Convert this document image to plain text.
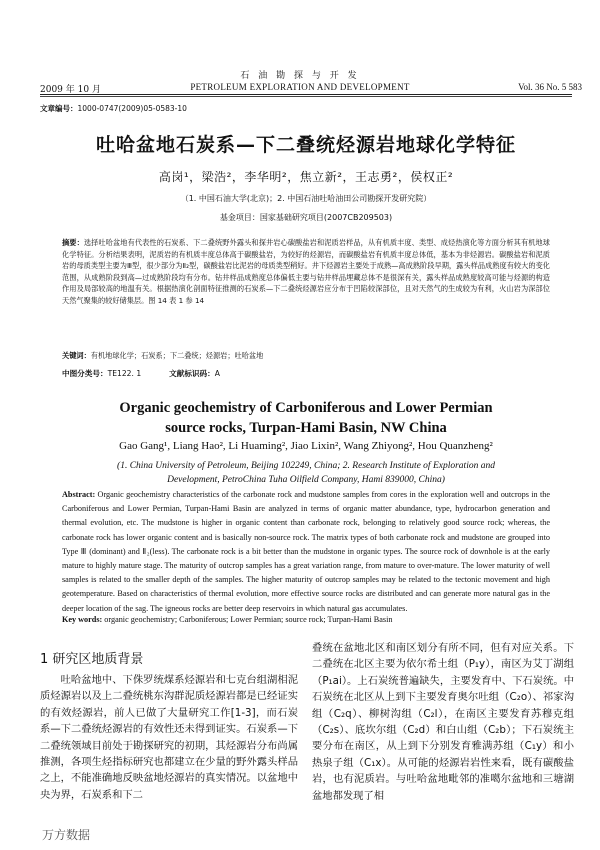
石 油 勘 探 与 开 发
2009 年 10 月	PETROLEUM EXPLORATION AND DEVELOPMENT	Vol. 36 No. 5 583
文章编号：1000-0747(2009)05-0583-10
吐哈盆地石炭系—下二叠统烃源岩地球化学特征
高岗¹，梁浩²，李华明²，焦立新²，王志勇²，侯权正²
（1. 中国石油大学(北京)；2. 中国石油吐哈油田公司勘探开发研究院）
基金项目：国家基础研究项目(2007CB209503)
摘要：选择吐哈盆地有代表性的石炭系、下二叠统野外露头和探井岩心碳酸盐岩和泥质岩样品，从有机质丰度、类型、成烃热演化等方面分析其有机地球化学特征。分析结果表明，泥质岩的有机质丰度总体高于碳酸盐岩，为较好的烃源岩，而碳酸盐岩有机质丰度总体低，基本为非烃源岩。碳酸盐岩和泥质岩的母质类型主要为Ⅲ型，很少部分为Ⅱ₂型，碳酸盐岩比泥岩的母质类型稍好。井下烃源岩主要处于成熟—高成熟阶段早期，露头样品成熟度有较大的变化范围，从成熟阶段到高—过成熟阶段均有分布。钻井样品成熟度总体偏低主要与钻井样品埋藏总体不是很深有关，露头样品成熟度较高可能与烃源的构造作用及局部较高的地温有关。根据热演化剖面特征推测的石炭系—下二叠统烃源岩应分布于凹陷较深部位，且对天然气的生成较为有利，火山岩为深部位天然气聚集的较好储集层。图 14 表 1 参 14
关键词：有机地球化学；石炭系；下二叠统；烃源岩；吐哈盆地
中图分类号：TE122. 1	文献标识码：A
Organic geochemistry of Carboniferous and Lower Permian
source rocks, Turpan-Hami Basin, NW China
Gao Gang¹, Liang Hao², Li Huaming², Jiao Lixin², Wang Zhiyong², Hou Quanzheng²
(1. China University of Petroleum, Beijing 102249, China; 2. Research Institute of Exploration and
Development, PetroChina Tuha Oilfield Company, Hami 839000, China)
Abstract: Organic geochemistry characteristics of the carbonate rock and mudstone samples from cores in the exploration well and outcrops in the Carboniferous and Lower Permian, Turpan-Hami Basin are analyzed in terms of organic matter abundance, type, hydrocarbon generation and thermal evolution, etc. The mudstone is higher in organic content than carbonate rock, belonging to relatively good source rock; whereas, the carbonate rock has lower organic content and is basically non-source rock. The matrix types of both carbonate rock and mudstone are grouped into Type Ⅲ (dominant) and Ⅱ₂(less). The carbonate rock is a bit better than the mudstone in organic types. The source rock of downhole is at the early mature to highly mature stage. The maturity of outcrop samples has a great variation range, from mature to over-mature. The lower maturity of well samples is related to the smaller depth of the samples. The higher maturity of outcrop samples may be related to the tectonic movement and high geotemperature. Based on characteristics of thermal evolution, more effective source rocks are distributed and can generate more natural gas in the deeper location of the sag. The igneous rocks are better deep reservoirs in which natural gas accumulates.
Key words: organic geochemistry; Carboniferous; Lower Permian; source rock; Turpan-Hami Basin
1 研究区地质背景

吐哈盆地中、下侏罗统煤系烃源岩和七克台组湖相泥质烃源岩以及上二叠统桃东沟群泥质烃源岩都是已经证实的有效烃源岩，前人已做了大量研究工作[1-3]，而石炭系—下二叠统烃源岩的有效性还未得到证实。石炭系—下二叠统领域目前处于勘探研究的初期，其烃源岩分布尚属推测，各项生烃指标研究也都建立在少量的野外露头样品之上，不能准确地反映盆地烃源岩的真实情况。以盆地中央为界，石炭系和下二

叠统在盆地北区和南区划分有所不同，但有对应关系。下二叠统在北区主要为依尔希土组（P₁y），南区为艾丁湖组（P₁ai）。上石炭统普遍缺失，主要发育中、下石炭统。中石炭统在北区从上到下主要发育奥尔吐组（C₂o）、祁家沟组（C₂q）、柳树沟组（C₂l），在南区主要发育苏穆克组（C₂s）、底坎尔组（C₂d）和白山组（C₂b）；下石炭统主要分布在南区，从上到下分别发育雅满苏组（C₁y）和小热泉子组（C₁x）。从可能的烃源岩岩性来看，既有碳酸盐岩，也有泥质岩。与吐哈盆地毗邻的准噶尔盆地和三塘湖盆地都发现了相

万方数据
